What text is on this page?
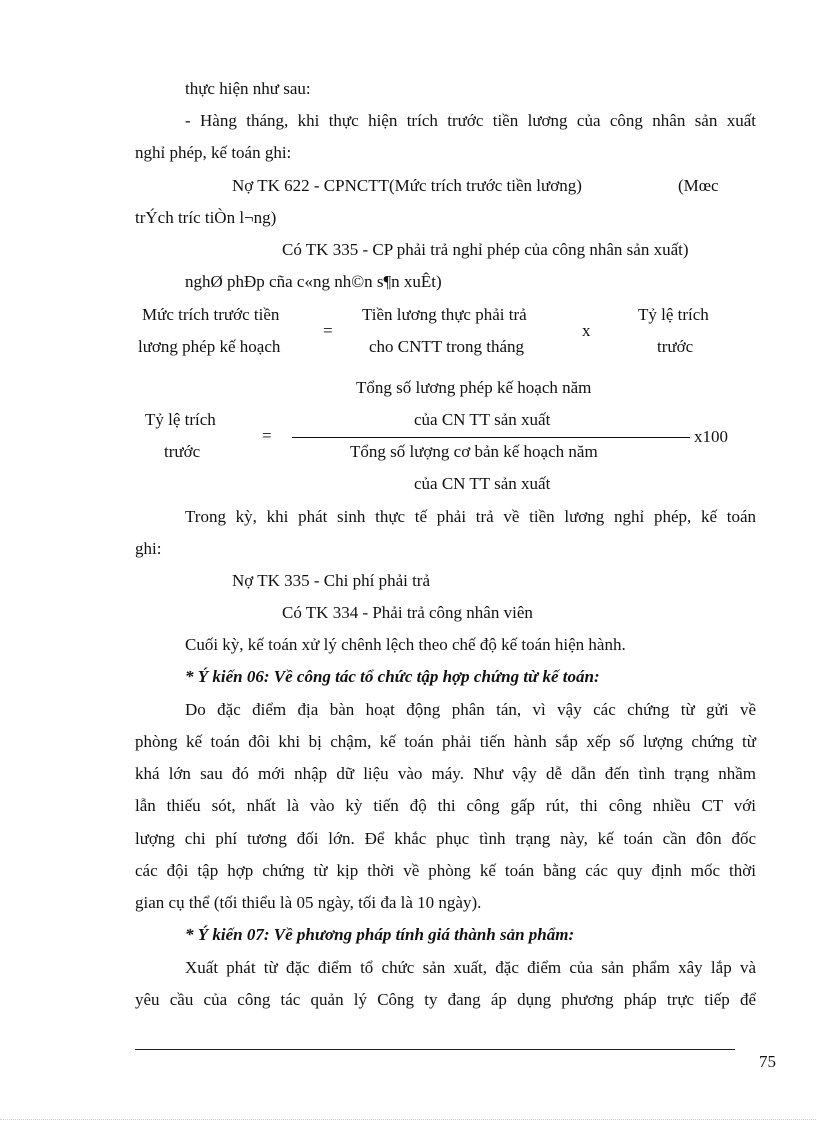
thực hiện như sau:
- Hàng tháng, khi thực hiện trích trước tiền lương của công nhân sản xuất
nghỉ phép, kế toán ghi:
Nợ TK 622 - CPNCTT(Mức trích trước tiền lương)	(Mœc
trÝch tríc tiÒn l¬ng)
Có TK 335 - CP phải trả nghỉ phép của công nhân sản xuất)
nghØ phÐp cña c«ng nh©n s¶n xuÊt)
Mức trích trước tiền
lương phép kế hoạch
=
Tiền lương thực phải trả
cho CNTT trong tháng
x
Tỷ lệ trích
trước
Tổng số lương phép kế hoạch năm
của CN TT sản xuất
Tỷ lệ trích
trước
=	x100
Tổng số lượng cơ bản kế hoạch năm
của CN TT sản xuất
Trong kỳ, khi phát sinh thực tế phải trả về tiền lương nghỉ phép, kế toán
ghi:
Nợ TK 335 - Chi phí phải trả
Có TK 334 - Phải trả công nhân viên
Cuối kỳ, kế toán xử lý chênh lệch theo chế độ kế toán hiện hành.
* Ý kiến 06: Về công tác tổ chức tập hợp chứng từ kế toán:
Do đặc điểm địa bàn hoạt động phân tán, vì vậy các chứng từ gửi về
phòng kế toán đôi khi bị chậm, kế toán phải tiến hành sắp xếp số lượng chứng từ
khá lớn sau đó mới nhập dữ liệu vào máy. Như vậy dễ dẫn đến tình trạng nhầm
lẫn thiếu sót, nhất là vào kỳ tiến độ thi công gấp rút, thi công nhiều CT với
lượng chi phí tương đối lớn. Để khắc phục tình trạng này, kế toán cần đôn đốc
các đội tập hợp chứng từ kịp thời về phòng kế toán bằng các quy định mốc thời
gian cụ thể (tối thiểu là 05 ngày, tối đa là 10 ngày).
* Ý kiến 07: Về phương pháp tính giá thành sản phẩm:
Xuất phát từ đặc điểm tổ chức sản xuất, đặc điểm của sản phẩm xây lắp và
yêu cầu của công tác quản lý Công ty đang áp dụng phương pháp trực tiếp để
75
